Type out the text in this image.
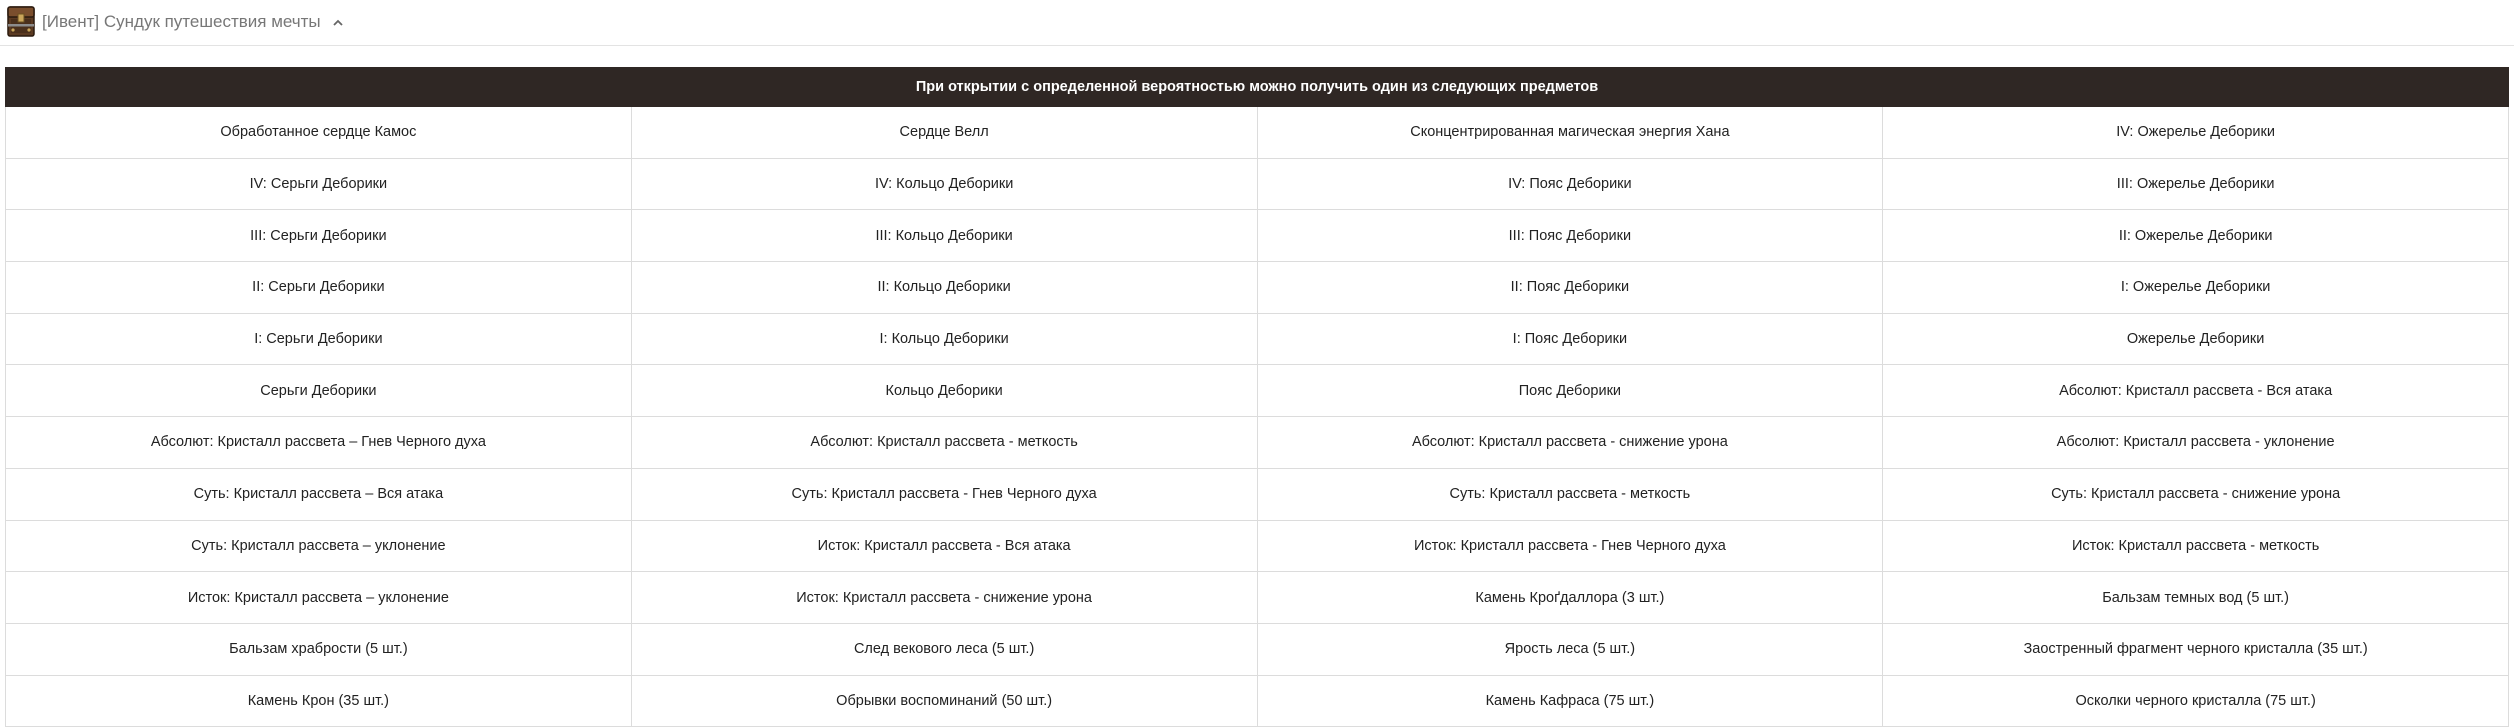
[Ивент] Сундук путешествия мечты
При открытии с определенной вероятностью можно получить один из следующих предметов			
Обработанное сердце Камос	Сердце Велл	Сконцентрированная магическая энергия Хана	IV: Ожерелье Деборики
IV: Серьги Деборики	IV: Кольцо Деборики	IV: Пояс Деборики	III: Ожерелье Деборики
III: Серьги Деборики	III: Кольцо Деборики	III: Пояс Деборики	II: Ожерелье Деборики
II: Серьги Деборики	II: Кольцо Деборики	II: Пояс Деборики	I: Ожерелье Деборики
I: Серьги Деборики	I: Кольцо Деборики	I: Пояс Деборики	Ожерелье Деборики
Серьги Деборики	Кольцо Деборики	Пояс Деборики	Абсолют: Кристалл рассвета - Вся атака
Абсолют: Кристалл рассвета – Гнев Черного духа	Абсолют: Кристалл рассвета - меткость	Абсолют: Кристалл рассвета - снижение урона	Абсолют: Кристалл рассвета - уклонение
Суть: Кристалл рассвета – Вся атака	Суть: Кристалл рассвета - Гнев Черного духа	Суть: Кристалл рассвета - меткость	Суть: Кристалл рассвета - снижение урона
Суть: Кристалл рассвета – уклонение	Исток: Кристалл рассвета - Вся атака	Исток: Кристалл рассвета - Гнев Черного духа	Исток: Кристалл рассвета - меткость
Исток: Кристалл рассвета – уклонение	Исток: Кристалл рассвета - снижение урона	Камень Кроґдаллора (3 шт.)	Бальзам темных вод (5 шт.)
Бальзам храбрости (5 шт.)	След векового леса (5 шт.)	Ярость леса (5 шт.)	Заостренный фрагмент черного кристалла (35 шт.)
Камень Крон (35 шт.)	Обрывки воспоминаний (50 шт.)	Камень Кафраса (75 шт.)	Осколки черного кристалла (75 шт.)
